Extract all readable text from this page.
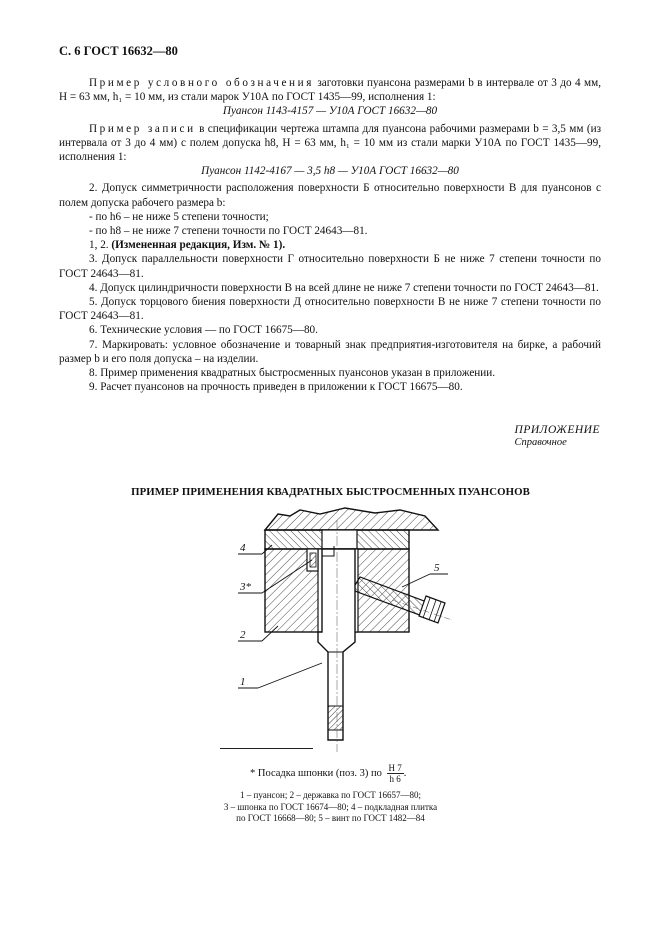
С. 6 ГОСТ 16632—80

Пример условного обозначения заготовки пуансона размерами b в интервале от 3 до 4 мм, H = 63 мм, h₁ = 10 мм, из стали марок У10А по ГОСТ 1435—99, исполнения 1:

Пуансон 1143-4157 — У10А ГОСТ 16632—80

Пример записи в спецификации чертежа штампа для пуансона рабочими размерами b = 3,5 мм (из интервала от 3 до 4 мм) с полем допуска h8, H = 63 мм, h₁ = 10 мм из стали марки У10А по ГОСТ 1435—99, исполнения 1:

Пуансон 1142-4167 — 3,5 h8 — У10А ГОСТ 16632—80

2. Допуск симметричности расположения поверхности Б относительно поверхности В для пуансонов с полем допуска рабочего размера b:

- по h6 – не ниже 5 степени точности;

- по h8 – не ниже 7 степени точности по ГОСТ 24643—81.

1, 2. (Измененная редакция, Изм. № 1).

3. Допуск параллельности поверхности Г относительно поверхности Б не ниже 7 степени точности по ГОСТ 24643—81.

4. Допуск цилиндричности поверхности В на всей длине не ниже 7 степени точности по ГОСТ 24643—81.

5. Допуск торцового биения поверхности Д относительно поверхности В не ниже 7 степени точности по ГОСТ 24643—81.

6. Технические условия — по ГОСТ 16675—80.

7. Маркировать: условное обозначение и товарный знак предприятия-изготовителя на бирке, а рабочий размер b и его поля допуска – на изделии.

8. Пример применения квадратных быстросменных пуансонов указан в приложении.

9. Расчет пуансонов на прочность приведен в приложении к ГОСТ 16675—80.

ПРИЛОЖЕНИЕ
Справочное
ПРИМЕР ПРИМЕНЕНИЯ КВАДРАТНЫХ БЫСТРОСМЕННЫХ ПУАНСОНОВ
4
3*
2
1
5
* Посадка шпонки (поз. 3) по $\frac{H 7}{h 6}$.
1 – пуансон; 2 – державка по ГОСТ 16657—80;
3 – шпонка по ГОСТ 16674—80; 4 – подкладная плитка
по ГОСТ 16668—80; 5 – винт по ГОСТ 1482—84
